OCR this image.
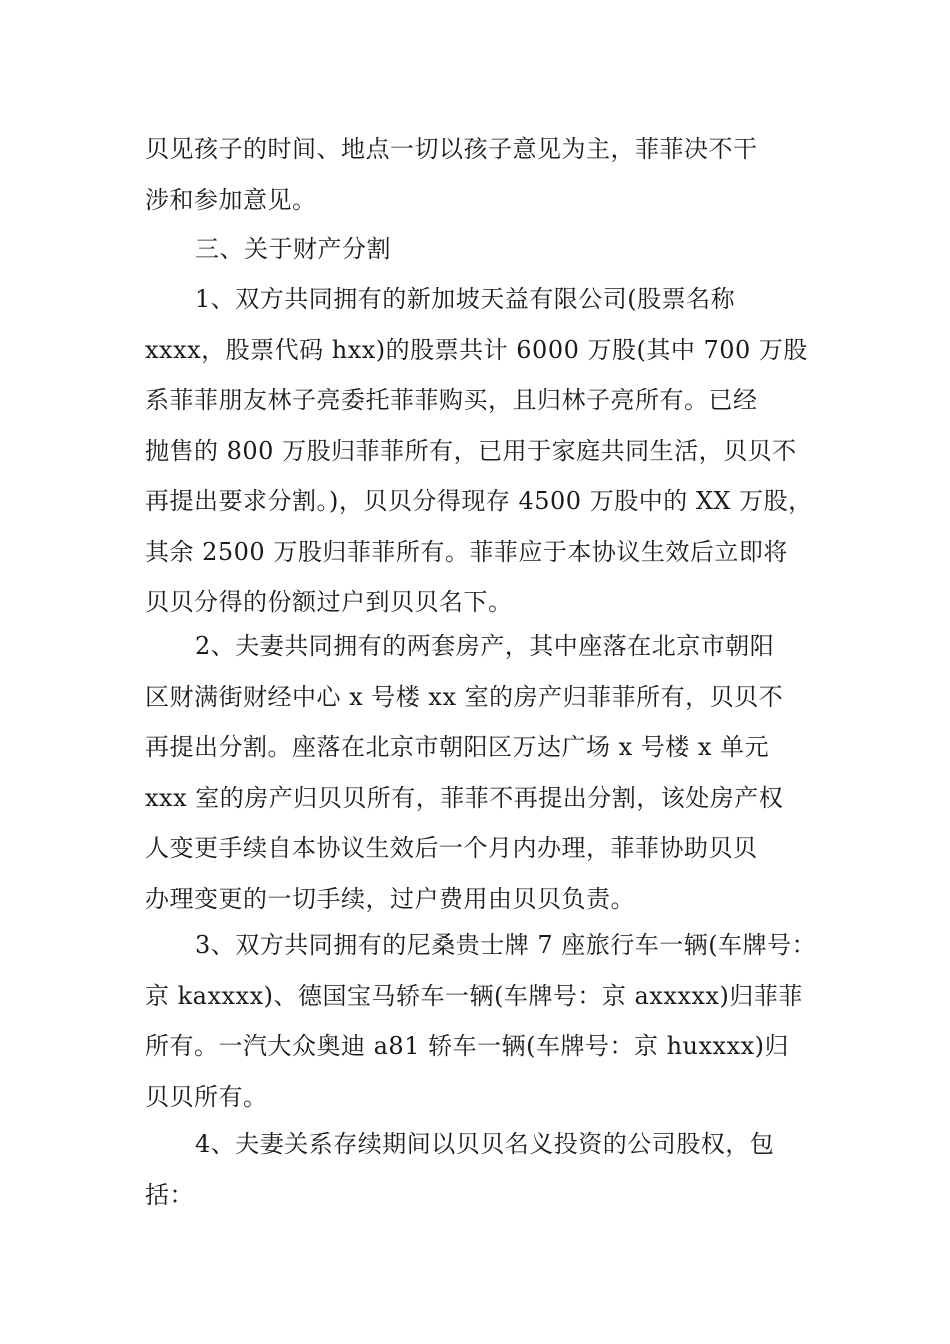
贝见孩子的时间、地点一切以孩子意见为主，菲菲决不干
涉和参加意见。
三、关于财产分割
1、双方共同拥有的新加坡天益有限公司(股票名称
xxxx，股票代码 hxx)的股票共计 6000 万股(其中 700 万股
系菲菲朋友林子亮委托菲菲购买，且归林子亮所有。已经
抛售的 800 万股归菲菲所有，已用于家庭共同生活，贝贝不
再提出要求分割。)，贝贝分得现存 4500 万股中的 XX 万股，
其余 2500 万股归菲菲所有。菲菲应于本协议生效后立即将
贝贝分得的份额过户到贝贝名下。
2、夫妻共同拥有的两套房产，其中座落在北京市朝阳
区财满街财经中心 x 号楼 xx 室的房产归菲菲所有，贝贝不
再提出分割。座落在北京市朝阳区万达广场 x 号楼 x 单元
xxx 室的房产归贝贝所有，菲菲不再提出分割，该处房产权
人变更手续自本协议生效后一个月内办理，菲菲协助贝贝
办理变更的一切手续，过户费用由贝贝负责。
3、双方共同拥有的尼桑贵士牌 7 座旅行车一辆(车牌号：
京 kaxxxx)、德国宝马轿车一辆(车牌号：京 axxxxx)归菲菲
所有。一汽大众奥迪 a81 轿车一辆(车牌号：京 huxxxx)归
贝贝所有。
4、夫妻关系存续期间以贝贝名义投资的公司股权，包
括：
